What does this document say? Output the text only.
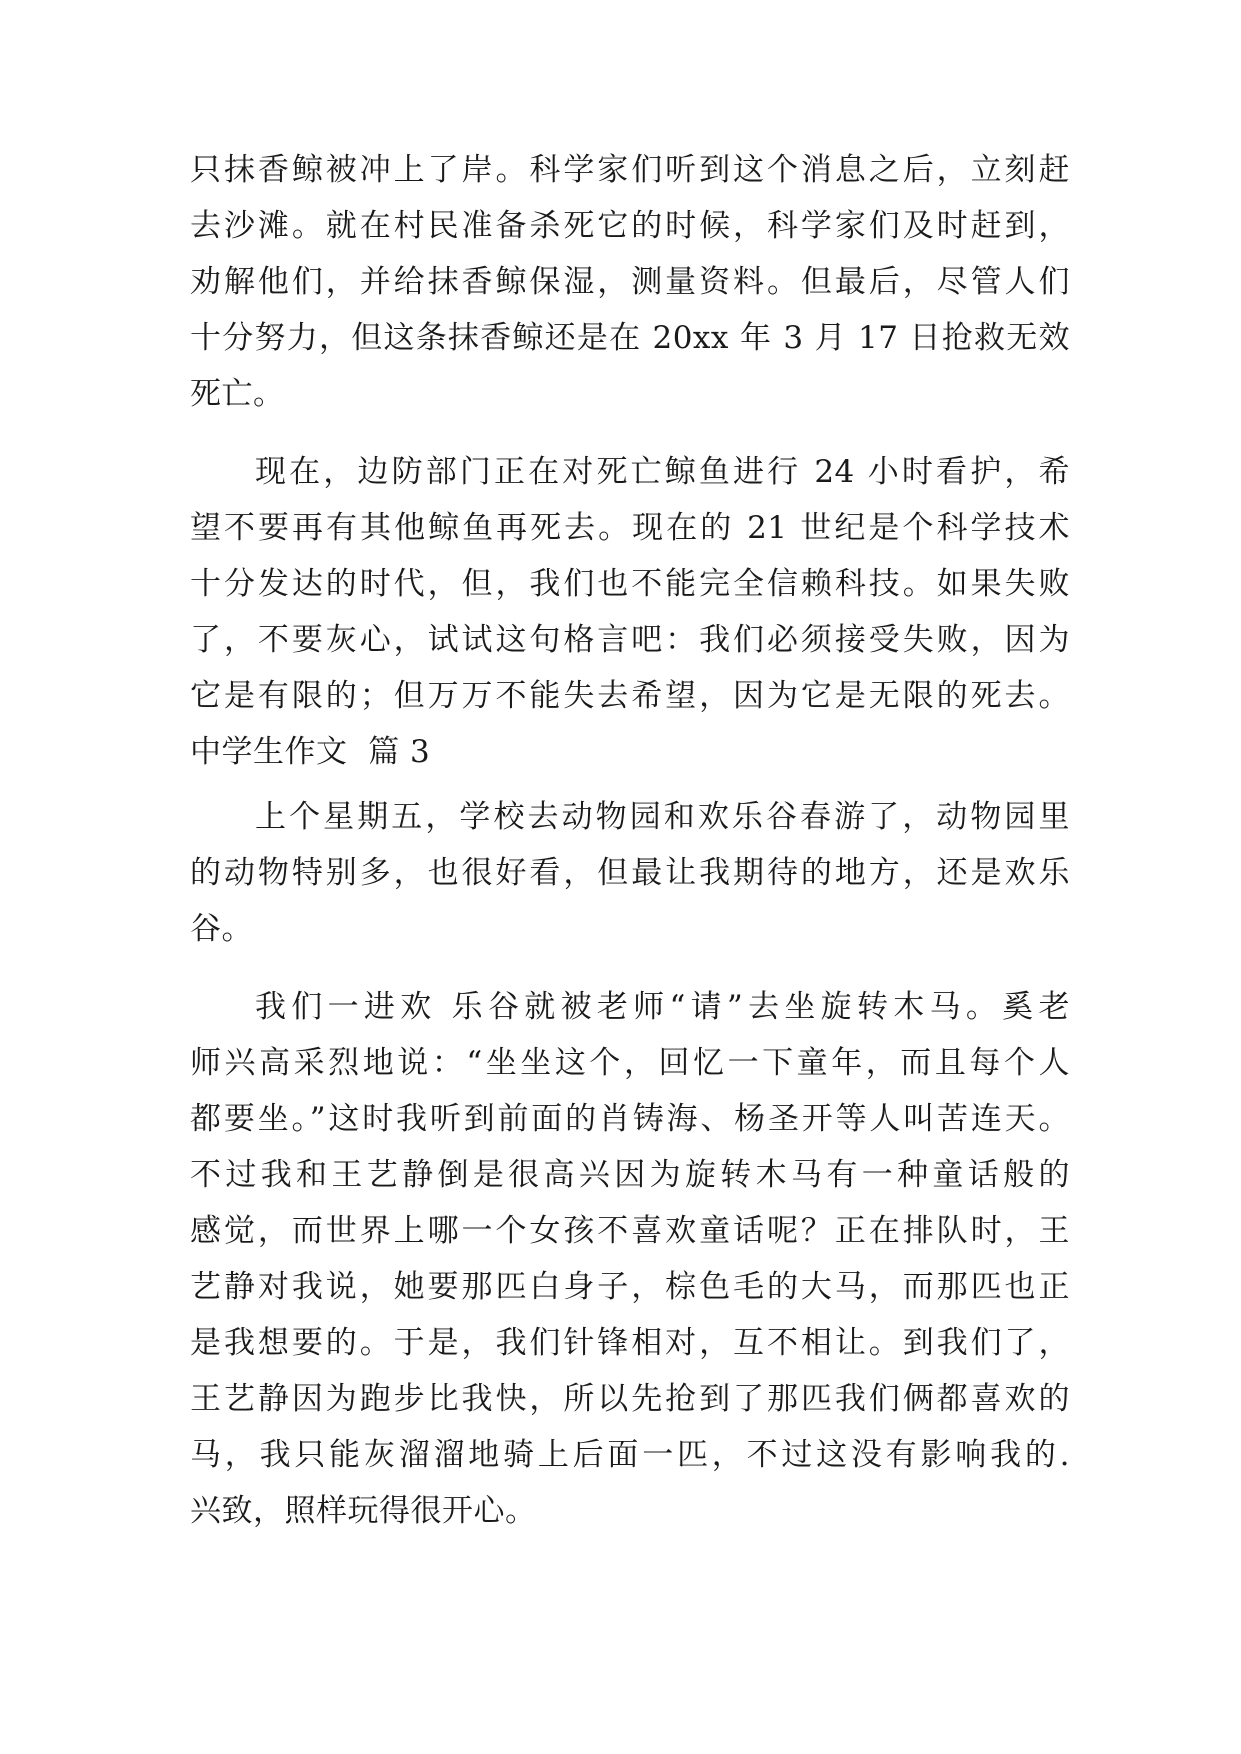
只抹香鲸被冲上了岸。科学家们听到这个消息之后，立刻赶
去沙滩。就在村民准备杀死它的时候，科学家们及时赶到，
劝解他们，并给抹香鲸保湿，测量资料。但最后，尽管人们
十分努力，但这条抹香鲸还是在 20xx 年 3 月 17 日抢救无效
死亡。
现在，边防部门正在对死亡鲸鱼进行 24 小时看护，希
望不要再有其他鲸鱼再死去。现在的 21 世纪是个科学技术
十分发达的时代，但，我们也不能完全信赖科技。如果失败
了，不要灰心，试试这句格言吧：我们必须接受失败，因为
它是有限的；但万万不能失去希望，因为它是无限的死去。
中学生作文  篇 3
上个星期五，学校去动物园和欢乐谷春游了，动物园里
的动物特别多，也很好看，但最让我期待的地方，还是欢乐
谷。
我们一进欢 乐谷就被老师“请”去坐旋转木马。奚老
师兴高采烈地说：“坐坐这个，回忆一下童年，而且每个人
都要坐。”这时我听到前面的肖铸海、杨圣开等人叫苦连天。
不过我和王艺静倒是很高兴因为旋转木马有一种童话般的
感觉，而世界上哪一个女孩不喜欢童话呢？正在排队时，王
艺静对我说，她要那匹白身子，棕色毛的大马，而那匹也正
是我想要的。于是，我们针锋相对，互不相让。到我们了，
王艺静因为跑步比我快，所以先抢到了那匹我们俩都喜欢的
马，我只能灰溜溜地骑上后面一匹，不过这没有影响我的.
兴致，照样玩得很开心。
